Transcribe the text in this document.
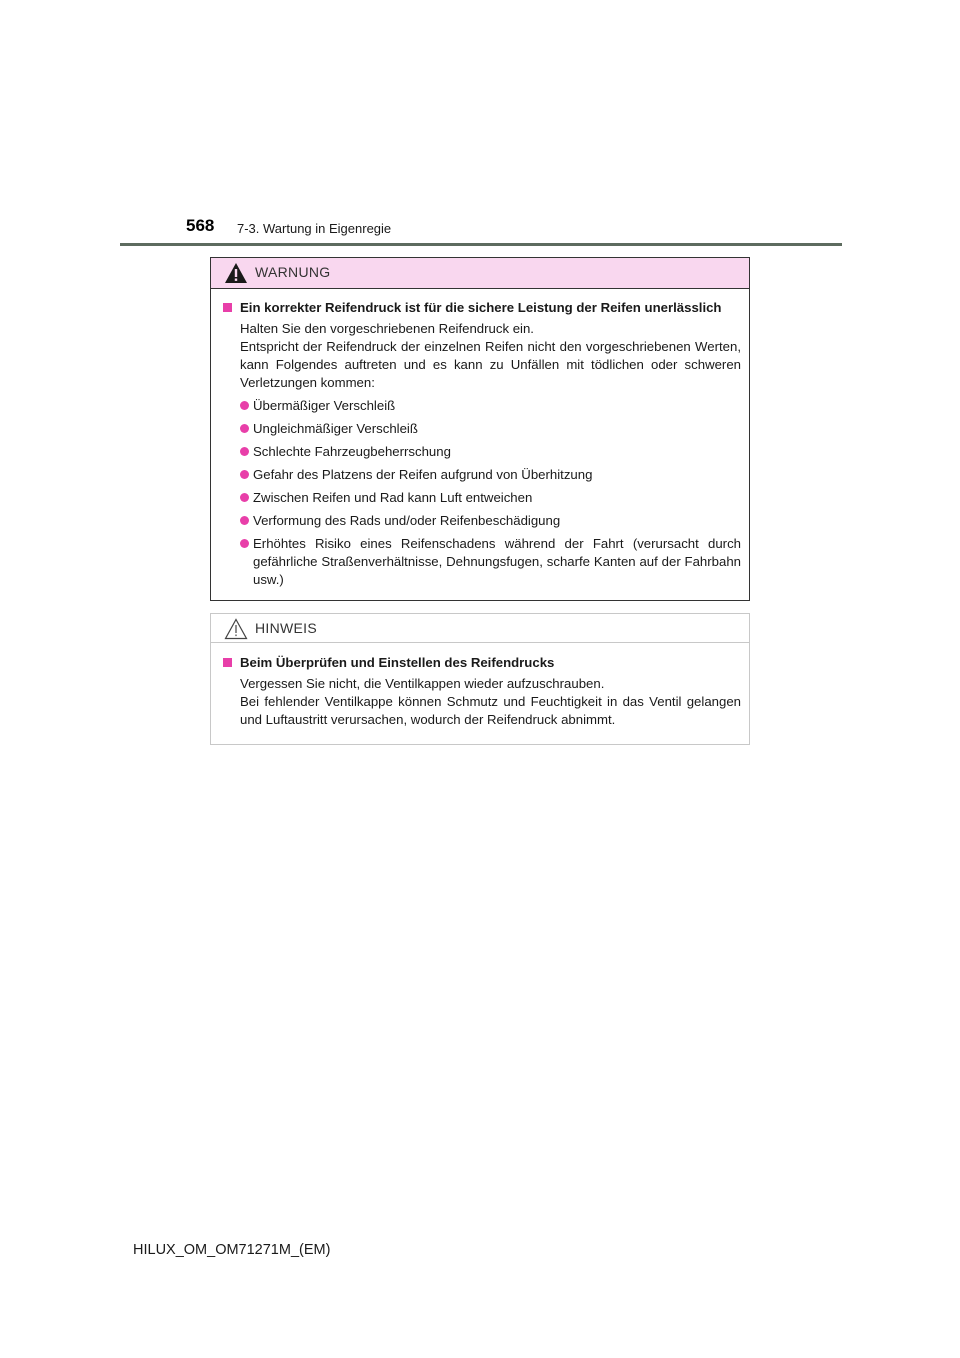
568 7-3. Wartung in Eigenregie
WARNUNG
Ein korrekter Reifendruck ist für die sichere Leistung der Reifen unerlässlich
Halten Sie den vorgeschriebenen Reifendruck ein.
Entspricht der Reifendruck der einzelnen Reifen nicht den vorgeschriebenen Werten, kann Folgendes auftreten und es kann zu Unfällen mit tödlichen oder schweren Verletzungen kommen:
Übermäßiger Verschleiß
Ungleichmäßiger Verschleiß
Schlechte Fahrzeugbeherrschung
Gefahr des Platzens der Reifen aufgrund von Überhitzung
Zwischen Reifen und Rad kann Luft entweichen
Verformung des Rads und/oder Reifenbeschädigung
Erhöhtes Risiko eines Reifenschadens während der Fahrt (verursacht durch gefährliche Straßenverhältnisse, Dehnungsfugen, scharfe Kanten auf der Fahrbahn usw.)
HINWEIS
Beim Überprüfen und Einstellen des Reifendrucks
Vergessen Sie nicht, die Ventilkappen wieder aufzuschrauben.
Bei fehlender Ventilkappe können Schmutz und Feuchtigkeit in das Ventil gelangen und Luftaustritt verursachen, wodurch der Reifendruck abnimmt.
HILUX_OM_OM71271M_(EM)
